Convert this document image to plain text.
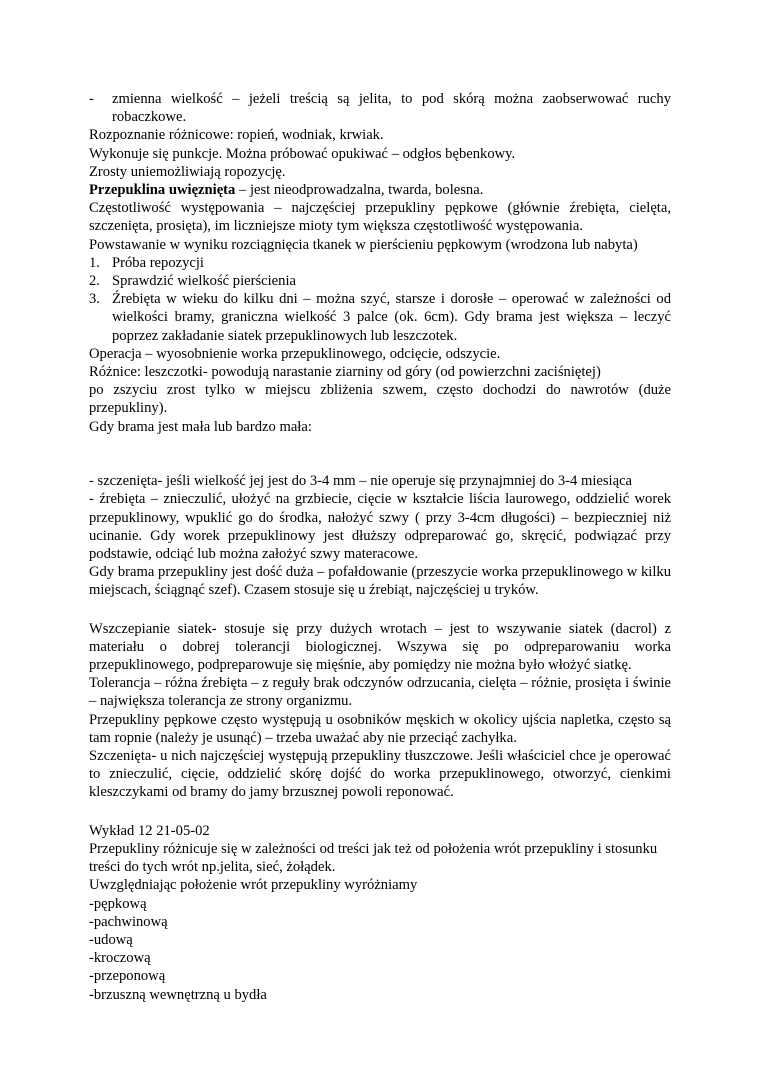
-	zmienna wielkość – jeżeli treścią są jelita, to pod skórą można zaobserwować ruchy robaczkowe.

Rozpoznanie różnicowe: ropień, wodniak, krwiak.

Wykonuje się punkcje. Można próbować opukiwać – odgłos bębenkowy.

Zrosty uniemożliwiają ropozycję.

Przepuklina uwięznięta – jest nieodprowadzalna, twarda, bolesna.

Częstotliwość występowania – najczęściej przepukliny pępkowe (głównie źrebięta, cielęta, szczenięta, prosięta), im liczniejsze mioty tym większa częstotliwość występowania.

Powstawanie w wyniku rozciągnięcia tkanek w pierścieniu pępkowym (wrodzona lub nabyta)

1. Próba repozycji
2. Sprawdzić wielkość pierścienia
3. Źrebięta w wieku do kilku dni – można szyć, starsze i dorosłe – operować w zależności od wielkości bramy, graniczna wielkość 3 palce (ok. 6cm). Gdy brama jest większa – leczyć poprzez zakładanie siatek przepuklinowych lub leszczotek.

Operacja – wyosobnienie worka przepuklinowego, odcięcie, odszycie.

Różnice: leszczotki- powodują narastanie ziarniny od góry (od powierzchni zaciśniętej)

po zszyciu zrost tylko w miejscu zbliżenia szwem, często dochodzi do nawrotów (duże przepukliny).

Gdy brama jest mała lub bardzo mała:

- szczenięta- jeśli wielkość jej jest do 3-4 mm – nie operuje się przynajmniej do 3-4 miesiąca

- źrebięta – znieczulić, ułożyć na grzbiecie, cięcie w kształcie liścia laurowego, oddzielić worek przepuklinowy, wpuklić go do środka, nałożyć szwy ( przy 3-4cm długości) – bezpieczniej niż ucinanie. Gdy worek przepuklinowy jest dłuższy odpreparować go, skręcić, podwiązać przy podstawie, odciąć lub można założyć szwy materacowe.

Gdy brama przepukliny jest dość duża – pofałdowanie (przeszycie worka przepuklinowego w kilku miejscach, ściągnąć szef). Czasem stosuje się u źrebiąt, najczęściej u tryków.

Wszczepianie siatek- stosuje się przy dużych wrotach – jest to wszywanie siatek (dacrol) z materiału o dobrej tolerancji biologicznej. Wszywa się po odpreparowaniu worka przepuklinowego, podpreparowuje się mięśnie, aby pomiędzy nie można było włożyć siatkę.

Tolerancja – różna źrebięta – z reguły brak odczynów odrzucania, cielęta – różnie, prosięta i świnie – największa tolerancja ze strony organizmu.

Przepukliny pępkowe często występują u osobników męskich w okolicy ujścia napletka, często są tam ropnie (należy je usunąć) – trzeba uważać aby nie przeciąć zachyłka.

Szczenięta- u nich najczęściej występują przepukliny tłuszczowe. Jeśli właściciel chce je operować to znieczulić, cięcie, oddzielić skórę dojść do worka przepuklinowego, otworzyć, cienkimi kleszczykami od bramy do jamy brzusznej powoli reponować.

Wykład 12 21-05-02

Przepukliny różnicuje się w zależności od treści jak też od położenia wrót przepukliny i stosunku treści do tych wrót np.jelita, sieć, żołądek.

Uwzględniając położenie wrót przepukliny wyróżniamy

-pępkową

-pachwinową

-udową

-kroczową

-przeponową

-brzuszną wewnętrzną u bydła
